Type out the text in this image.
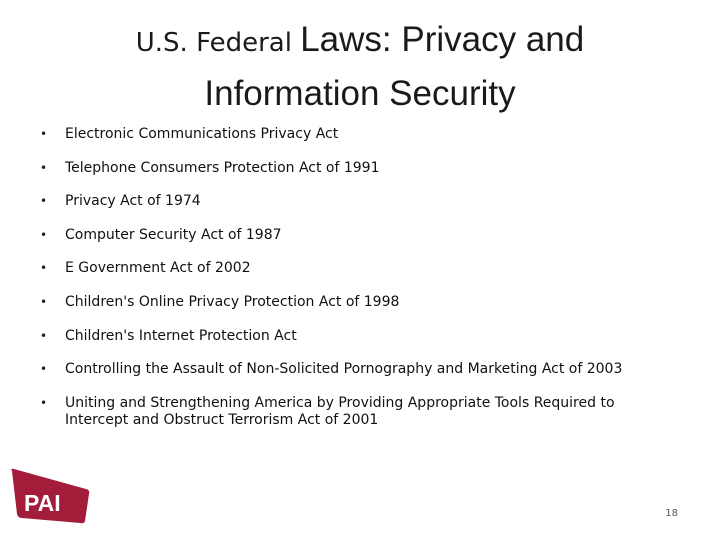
U.S. Federal Laws: Privacy and
Information Security
• Electronic Communications Privacy Act
• Telephone Consumers Protection Act of 1991
• Privacy Act of 1974
• Computer Security Act of 1987
• E Government Act of 2002
• Children's Online Privacy Protection Act of 1998
• Children's Internet Protection Act
• Controlling the Assault of Non-Solicited Pornography and Marketing Act of 2003
• Uniting and Strengthening America by Providing Appropriate Tools Required to Intercept and Obstruct Terrorism Act of 2001
PAI	18
